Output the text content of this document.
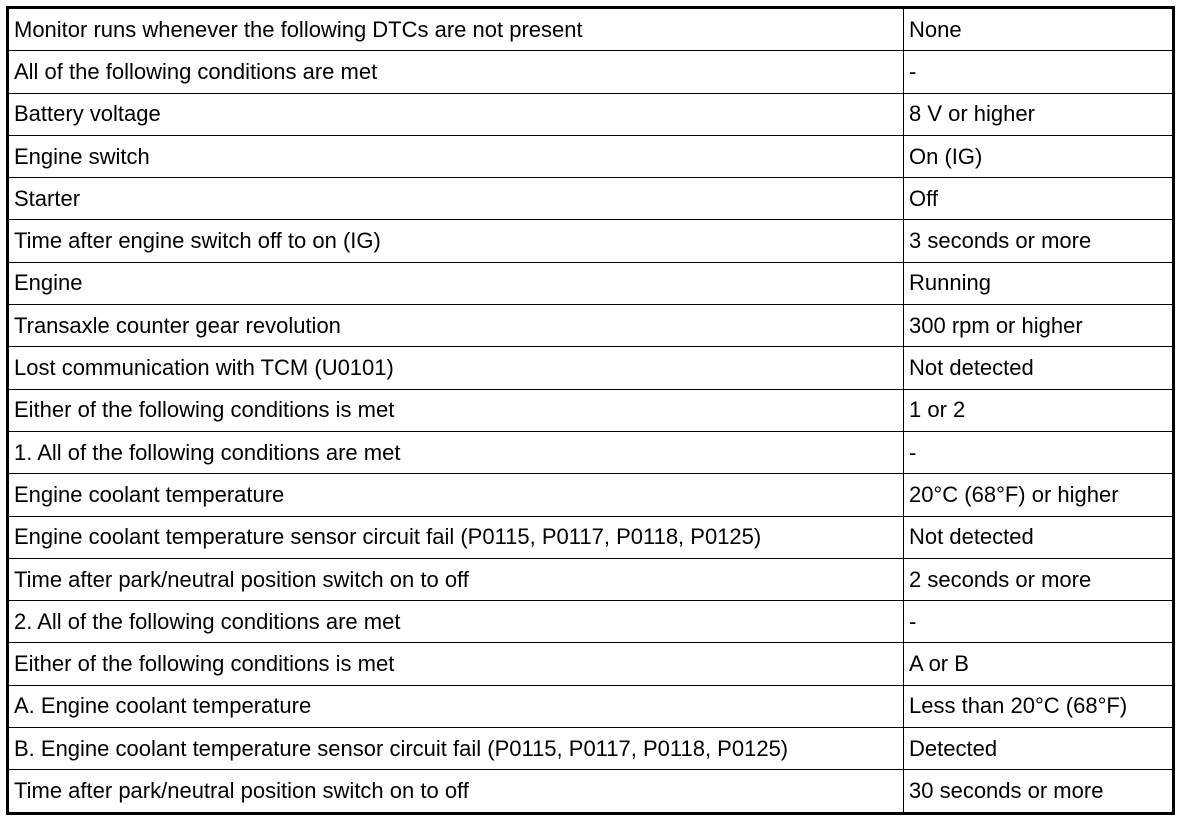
Monitor runs whenever the following DTCs are not present	None
All of the following conditions are met	-
Battery voltage	8 V or higher
Engine switch	On (IG)
Starter	Off
Time after engine switch off to on (IG)	3 seconds or more
Engine	Running
Transaxle counter gear revolution	300 rpm or higher
Lost communication with TCM (U0101)	Not detected
Either of the following conditions is met	1 or 2
1. All of the following conditions are met	-
Engine coolant temperature	20°C (68°F) or higher
Engine coolant temperature sensor circuit fail (P0115, P0117, P0118, P0125)	Not detected
Time after park/neutral position switch on to off	2 seconds or more
2. All of the following conditions are met	-
Either of the following conditions is met	A or B
A. Engine coolant temperature	Less than 20°C (68°F)
B. Engine coolant temperature sensor circuit fail (P0115, P0117, P0118, P0125)	Detected
Time after park/neutral position switch on to off	30 seconds or more
